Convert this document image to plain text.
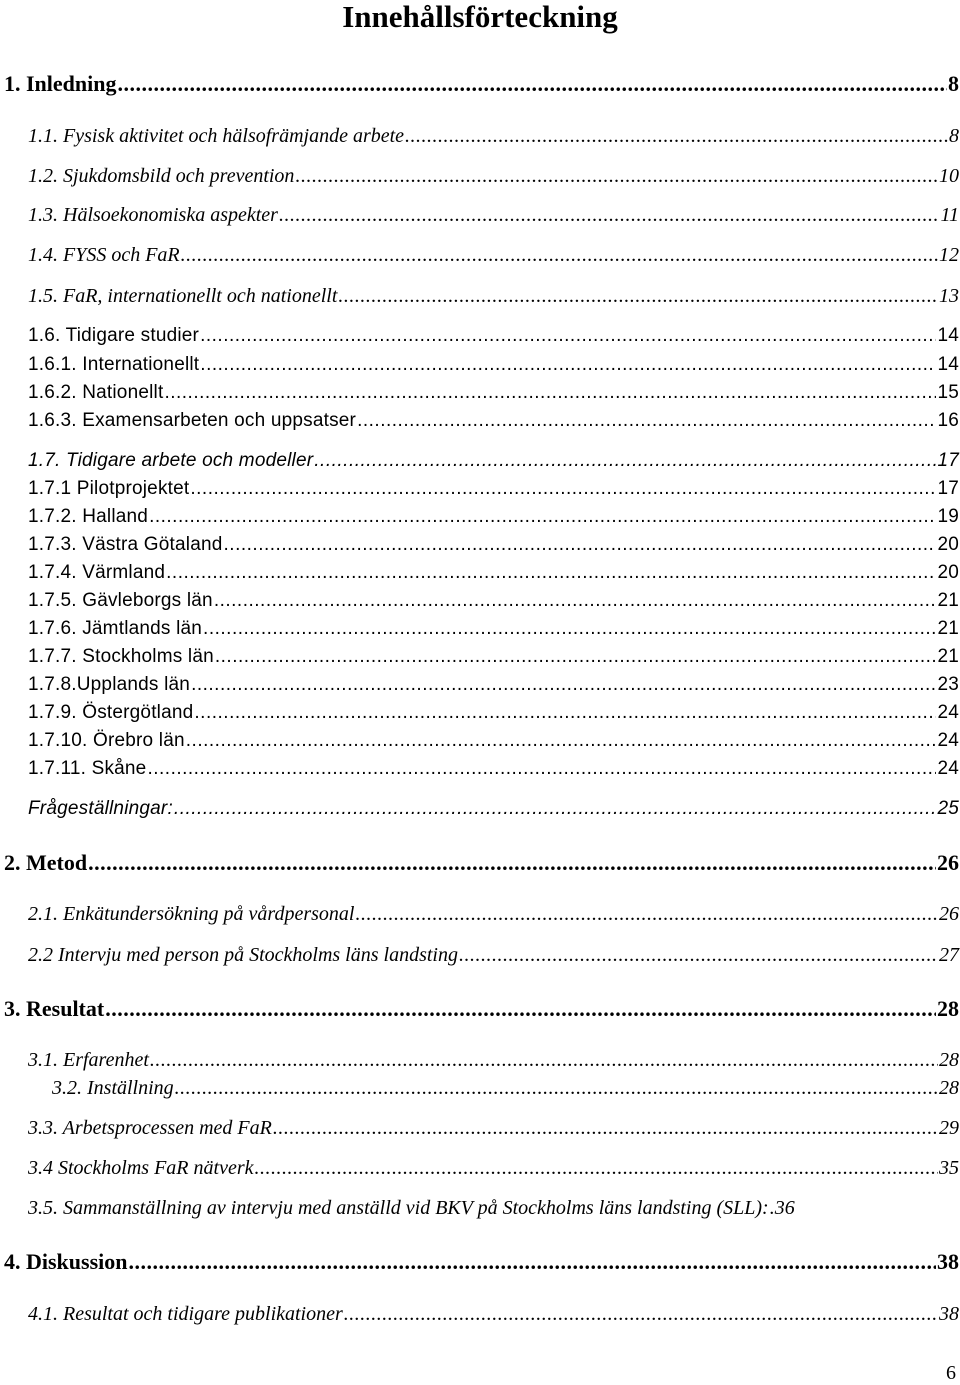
Innehållsförteckning
1. Inledning .....	8
1.1. Fysisk aktivitet och hälsofrämjande arbete .....	8
1.2. Sjukdomsbild och prevention .....	10
1.3. Hälsoekonomiska aspekter .....	11
1.4. FYSS och FaR .....	12
1.5. FaR, internationellt och nationellt .....	13
1.6. Tidigare studier .....	14
1.6.1. Internationellt .....	14
1.6.2. Nationellt .....	15
1.6.3. Examensarbeten och uppsatser .....	16
1.7. Tidigare arbete och modeller .....	17
1.7.1 Pilotprojektet .....	17
1.7.2. Halland .....	19
1.7.3. Västra Götaland .....	20
1.7.4. Värmland .....	20
1.7.5. Gävleborgs län .....	21
1.7.6. Jämtlands län .....	21
1.7.7. Stockholms län .....	21
1.7.8.Upplands län .....	23
1.7.9. Östergötland .....	24
1.7.10. Örebro län .....	24
1.7.11. Skåne .....	24
Frågeställningar: .....	25
2. Metod .....	26
2.1. Enkätundersökning på vårdpersonal .....	26
2.2 Intervju med person på Stockholms läns landsting .....	27
3. Resultat .....	28
3.1. Erfarenhet .....	28
3.2. Inställning .....	28
3.3. Arbetsprocessen med FaR .....	29
3.4 Stockholms FaR nätverk .....	35
3.5. Sammanställning av intervju med anställd vid BKV på Stockholms läns landsting (SLL): ..... 36
4. Diskussion .....	38
4.1. Resultat och tidigare publikationer .....	38
6
